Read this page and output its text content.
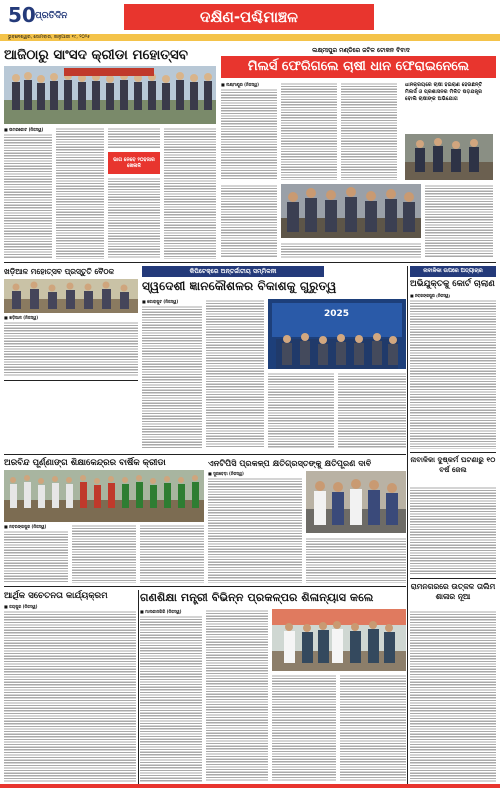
50 ପ୍ରତିଦିନ	ଦକ୍ଷିଣ-ପଶ୍ଚିମାଞ୍ଚଳ
ଭୁବନେଶ୍ୱର, ସୋମବାର, ଜାନୁଆରୀ ୧୯, ୨୦୨୫
ଆଜିଠାରୁ ସାଂସଦ କ୍ରୀଡା ମହୋତ୍ସବ
■ ଉମରକୋଟ (ନିଜସ୍ୱ)
ଭାଗ ନେବେ ୨୦ହଜାର ଖେଳାଳି
ଲକ୍ଷ୍ମୀପୁର ମଣ୍ଡିରେ ଜଟିଳ ଟୋକନ ବିବାଦ
ମିଲର୍ସ ଫେରିଗଲେ ଚାଷୀ ଧାନ ଫେରାଇନେଲେ
■ ଲକ୍ଷ୍ମୀପୁର (ନିଜସ୍ୱ)	ଧାନକ୍ରୟରେ ଚାଷୀ ହଇରାଣ ହେଉଛନ୍ତି ମିଲର୍ସ ଓ ପ୍ରଶାସନର ମିଳିତ ଷଡ଼ଯନ୍ତ୍ର ବୋଲି ଚାଷୀଙ୍କ ଅଭିଯୋଗ
ଖଡ଼ିଆଳ ମହୋତ୍ସବ ପ୍ରସ୍ତୁତି ବୈଠକ
■ ଖଡ଼ିଆଳ (ନିଜସ୍ୱ)
କିପିଟେକ୍‌ରେ ଅନ୍ତର୍ଜାତୀୟ ସମ୍ମିଳନୀ
ସ୍ୱଦେଶୀ ଜ୍ଞାନକୌଶଳର ବିକାଶକୁ ଗୁରୁତ୍ୱ
■ କୋରାପୁଟ (ନିଜସ୍ୱ)
2025
ନାବାଳିକା ଉପରେ ଅତ୍ୟାଚାର
ଅଭିଯୁକ୍ତକୁ କୋର୍ଟ ଚାଲାଣ
■ ନବରଙ୍ଗପୁର (ନିଜସ୍ୱ)
ନାବାଳିକା ଦୁଷ୍କର୍ମ ଘଟଣାରୁ ୧୦ ବର୍ଷ ଜେଲ
ରାମନଗରରେ ଉତ୍କଳ ତାଲିମ ଶାଳାର ନୂଆ
ଅରବିନ୍ଦ ପୂର୍ଣ୍ଣାଙ୍ଗ ଶିକ୍ଷାକେନ୍ଦ୍ରର ବାର୍ଷିକ କ୍ରୀଡା
■ ନବରଙ୍ଗପୁର (ନିଜସ୍ୱ)
ଏନଟିପିସି ପ୍ରକଳ୍ପ କ୍ଷତିଗ୍ରସ୍ତଙ୍କୁ କ୍ଷତିପୂରଣ ଦାବି
■ ସୁନାବେଡ଼ା (ନିଜସ୍ୱ)
ଆର୍ଥିକ ସଚେତନତା କାର୍ଯ୍ୟକ୍ରମ
■ ଜୟପୁର (ନିଜସ୍ୱ)
ଗଣଶିକ୍ଷା ମନ୍ତ୍ରୀ ବିଭିନ୍ନ ପ୍ରକଳ୍ପର ଶିଳାନ୍ୟାସ କଲେ
■ ମାଲକାନଗିରି (ନିଜସ୍ୱ)
